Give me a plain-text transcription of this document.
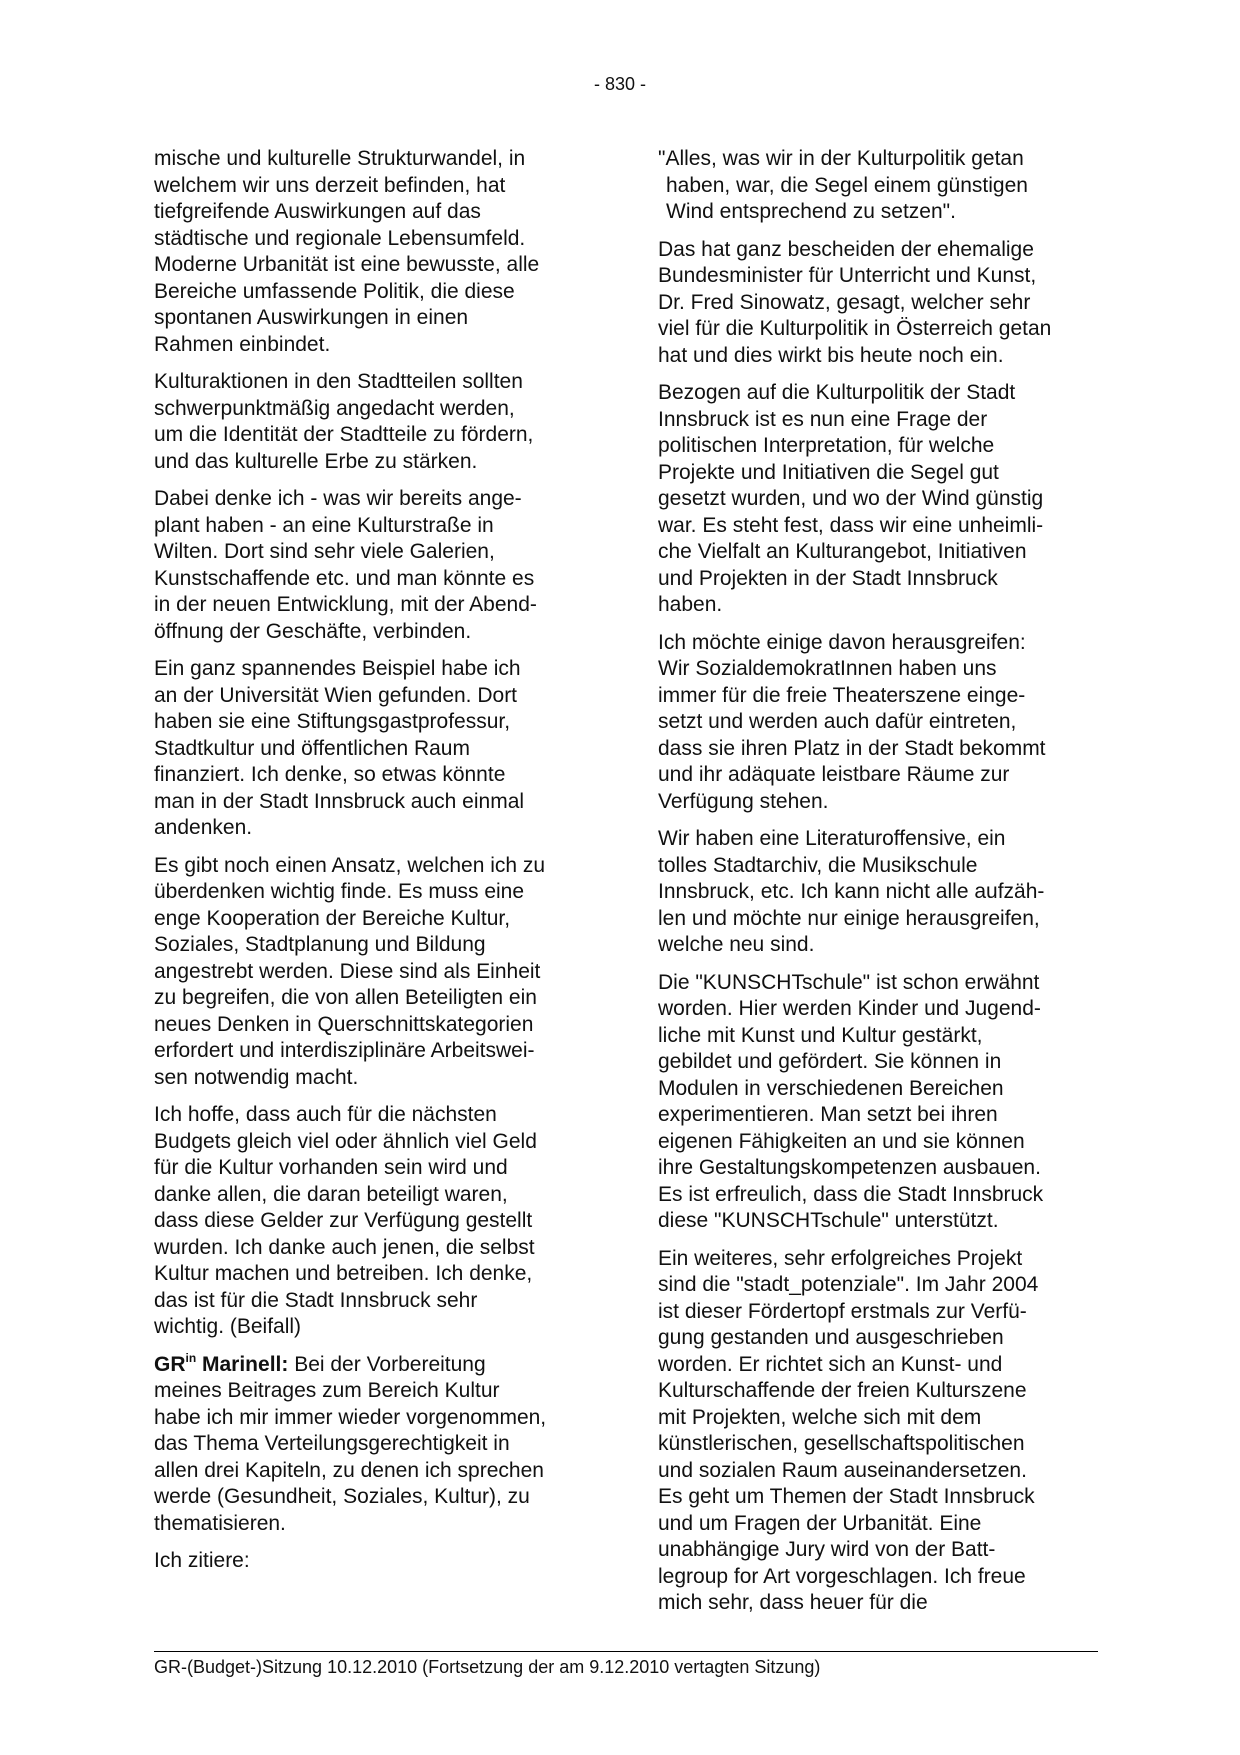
- 830 -

mische und kulturelle Strukturwandel, in
welchem wir uns derzeit befinden, hat
tiefgreifende Auswirkungen auf das
städtische und regionale Lebensumfeld.
Moderne Urbanität ist eine bewusste, alle
Bereiche umfassende Politik, die diese
spontanen Auswirkungen in einen
Rahmen einbindet.

Kulturaktionen in den Stadtteilen sollten
schwerpunktmäßig angedacht werden,
um die Identität der Stadtteile zu fördern,
und das kulturelle Erbe zu stärken.

Dabei denke ich - was wir bereits ange-
plant haben - an eine Kulturstraße in
Wilten. Dort sind sehr viele Galerien,
Kunstschaffende etc. und man könnte es
in der neuen Entwicklung, mit der Abend-
öffnung der Geschäfte, verbinden.

Ein ganz spannendes Beispiel habe ich
an der Universität Wien gefunden. Dort
haben sie eine Stiftungsgastprofessur,
Stadtkultur und öffentlichen Raum
finanziert. Ich denke, so etwas könnte
man in der Stadt Innsbruck auch einmal
andenken.

Es gibt noch einen Ansatz, welchen ich zu
überdenken wichtig finde. Es muss eine
enge Kooperation der Bereiche Kultur,
Soziales, Stadtplanung und Bildung
angestrebt werden. Diese sind als Einheit
zu begreifen, die von allen Beteiligten ein
neues Denken in Querschnittskategorien
erfordert und interdisziplinäre Arbeitswei-
sen notwendig macht.

Ich hoffe, dass auch für die nächsten
Budgets gleich viel oder ähnlich viel Geld
für die Kultur vorhanden sein wird und
danke allen, die daran beteiligt waren,
dass diese Gelder zur Verfügung gestellt
wurden. Ich danke auch jenen, die selbst
Kultur machen und betreiben. Ich denke,
das ist für die Stadt Innsbruck sehr
wichtig. (Beifall)

$GR^{in}$ Marinell: Bei der Vorbereitung
meines Beitrages zum Bereich Kultur
habe ich mir immer wieder vorgenommen,
das Thema Verteilungsgerechtigkeit in
allen drei Kapiteln, zu denen ich sprechen
werde (Gesundheit, Soziales, Kultur), zu
thematisieren.

Ich zitiere:

"Alles, was wir in der Kulturpolitik getan
haben, war, die Segel einem günstigen
Wind entsprechend zu setzen".

Das hat ganz bescheiden der ehemalige
Bundesminister für Unterricht und Kunst,
Dr. Fred Sinowatz, gesagt, welcher sehr
viel für die Kulturpolitik in Österreich getan
hat und dies wirkt bis heute noch ein.

Bezogen auf die Kulturpolitik der Stadt
Innsbruck ist es nun eine Frage der
politischen Interpretation, für welche
Projekte und Initiativen die Segel gut
gesetzt wurden, und wo der Wind günstig
war. Es steht fest, dass wir eine unheimli-
che Vielfalt an Kulturangebot, Initiativen
und Projekten in der Stadt Innsbruck
haben.

Ich möchte einige davon herausgreifen:
Wir SozialdemokratInnen haben uns
immer für die freie Theaterszene einge-
setzt und werden auch dafür eintreten,
dass sie ihren Platz in der Stadt bekommt
und ihr adäquate leistbare Räume zur
Verfügung stehen.

Wir haben eine Literaturoffensive, ein
tolles Stadtarchiv, die Musikschule
Innsbruck, etc. Ich kann nicht alle aufzäh-
len und möchte nur einige herausgreifen,
welche neu sind.

Die "KUNSCHTschule" ist schon erwähnt
worden. Hier werden Kinder und Jugend-
liche mit Kunst und Kultur gestärkt,
gebildet und gefördert. Sie können in
Modulen in verschiedenen Bereichen
experimentieren. Man setzt bei ihren
eigenen Fähigkeiten an und sie können
ihre Gestaltungskompetenzen ausbauen.
Es ist erfreulich, dass die Stadt Innsbruck
diese "KUNSCHTschule" unterstützt.

Ein weiteres, sehr erfolgreiches Projekt
sind die "stadt_potenziale". Im Jahr 2004
ist dieser Fördertopf erstmals zur Verfü-
gung gestanden und ausgeschrieben
worden. Er richtet sich an Kunst- und
Kulturschaffende der freien Kulturszene
mit Projekten, welche sich mit dem
künstlerischen, gesellschaftspolitischen
und sozialen Raum auseinandersetzen.
Es geht um Themen der Stadt Innsbruck
und um Fragen der Urbanität. Eine
unabhängige Jury wird von der Batt-
legroup for Art vorgeschlagen. Ich freue
mich sehr, dass heuer für die

GR-(Budget-)Sitzung 10.12.2010 (Fortsetzung der am 9.12.2010 vertagten Sitzung)
